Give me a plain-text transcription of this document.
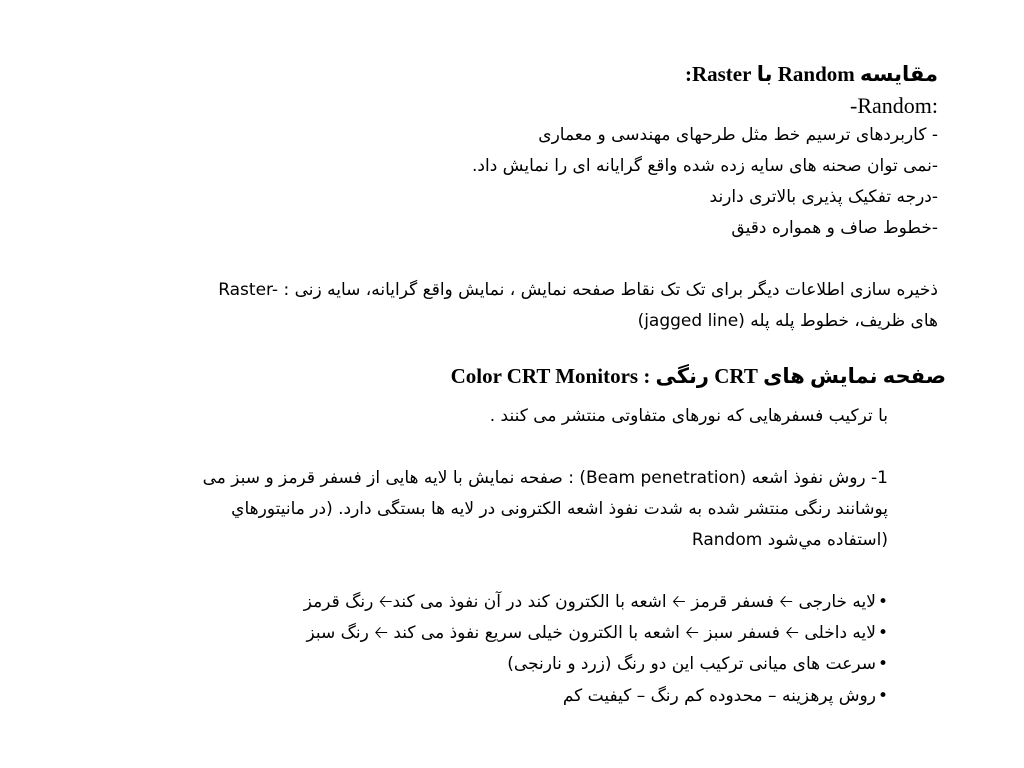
مقایسه Random با Raster:
-Random:
- کاربردهای ترسیم خط مثل طرحهای مهندسی و معماری
-نمی توان صحنه های سایه زده شده واقع گرایانه ای را نمایش داد.
-درجه تفکیک پذیری بالاتری دارند
-خطوط صاف و همواره دقیق
Raster- : ذخیره سازی اطلاعات دیگر برای تک تک نقاط صفحه نمایش ، نمایش واقع گرایانه، سایه زنی
های ظریف، خطوط پله پله (jagged line)
صفحه نمایش های CRT رنگی : Color CRT Monitors
با ترکیب فسفرهایی که نورهای متفاوتی منتشر می کنند .
1- روش نفوذ اشعه (Beam penetration) : صفحه نمایش با لایه هایی از فسفر قرمز و سبز می
پوشانند رنگی منتشر شده به شدت نفوذ اشعه الکترونی در لایه ها بستگی دارد. (در مانیتورهاي
Random استفاده مي‌شود)
•
لایه خارجی 🡠 فسفر قرمز 🡠 اشعه با الکترون کند در آن نفوذ می کند🡠 رنگ قرمز
•
لایه داخلی 🡠 فسفر سبز 🡠 اشعه با الکترون خیلی سریع نفوذ می کند 🡠 رنگ سبز
•
سرعت های میانی ترکیب این دو رنگ (زرد و نارنجی)
•
روش پرهزینه – محدوده کم رنگ – کیفیت کم
